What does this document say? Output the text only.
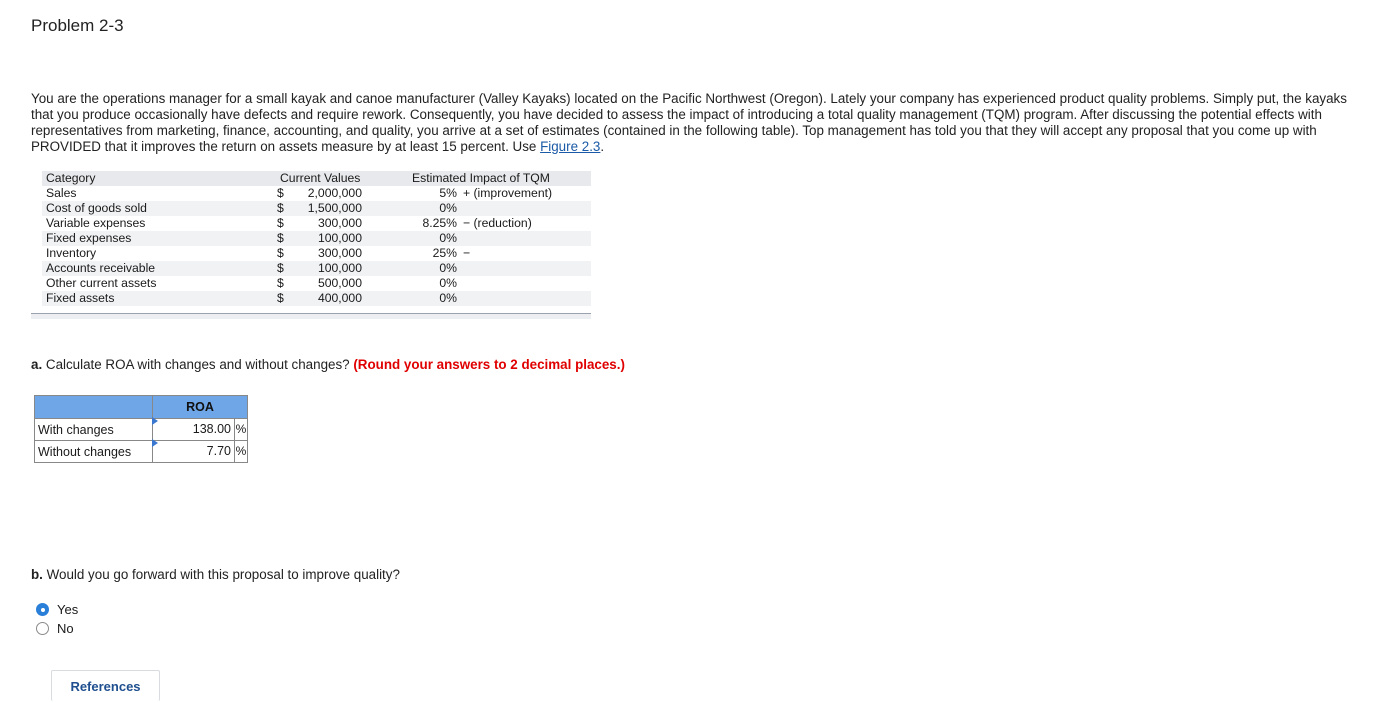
Problem 2-3
You are the operations manager for a small kayak and canoe manufacturer (Valley Kayaks) located on the Pacific Northwest (Oregon). Lately your company has experienced product quality problems. Simply put, the kayaks that you produce occasionally have defects and require rework. Consequently, you have decided to assess the impact of introducing a total quality management (TQM) program. After discussing the potential effects with representatives from marketing, finance, accounting, and quality, you arrive at a set of estimates (contained in the following table). Top management has told you that they will accept any proposal that you come up with PROVIDED that it improves the return on assets measure by at least 15 percent. Use Figure 2.3.
Category	Current Values	Estimated Impact of TQM
Sales	$ 2,000,000	5% + (improvement)
Cost of goods sold	$ 1,500,000	0%
Variable expenses	$	300,000	8.25% − (reduction)
Fixed expenses	$	100,000	0%
Inventory	$	300,000	25% −
Accounts receivable	$	100,000	0%
Other current assets	$	500,000	0%
Fixed assets	$	400,000	0%
a. Calculate ROA with changes and without changes? (Round your answers to 2 decimal places.)
	ROA
With changes	138.00 %

Without changes	7.70 %
b. Would you go forward with this proposal to improve quality?
Yes
No
References
